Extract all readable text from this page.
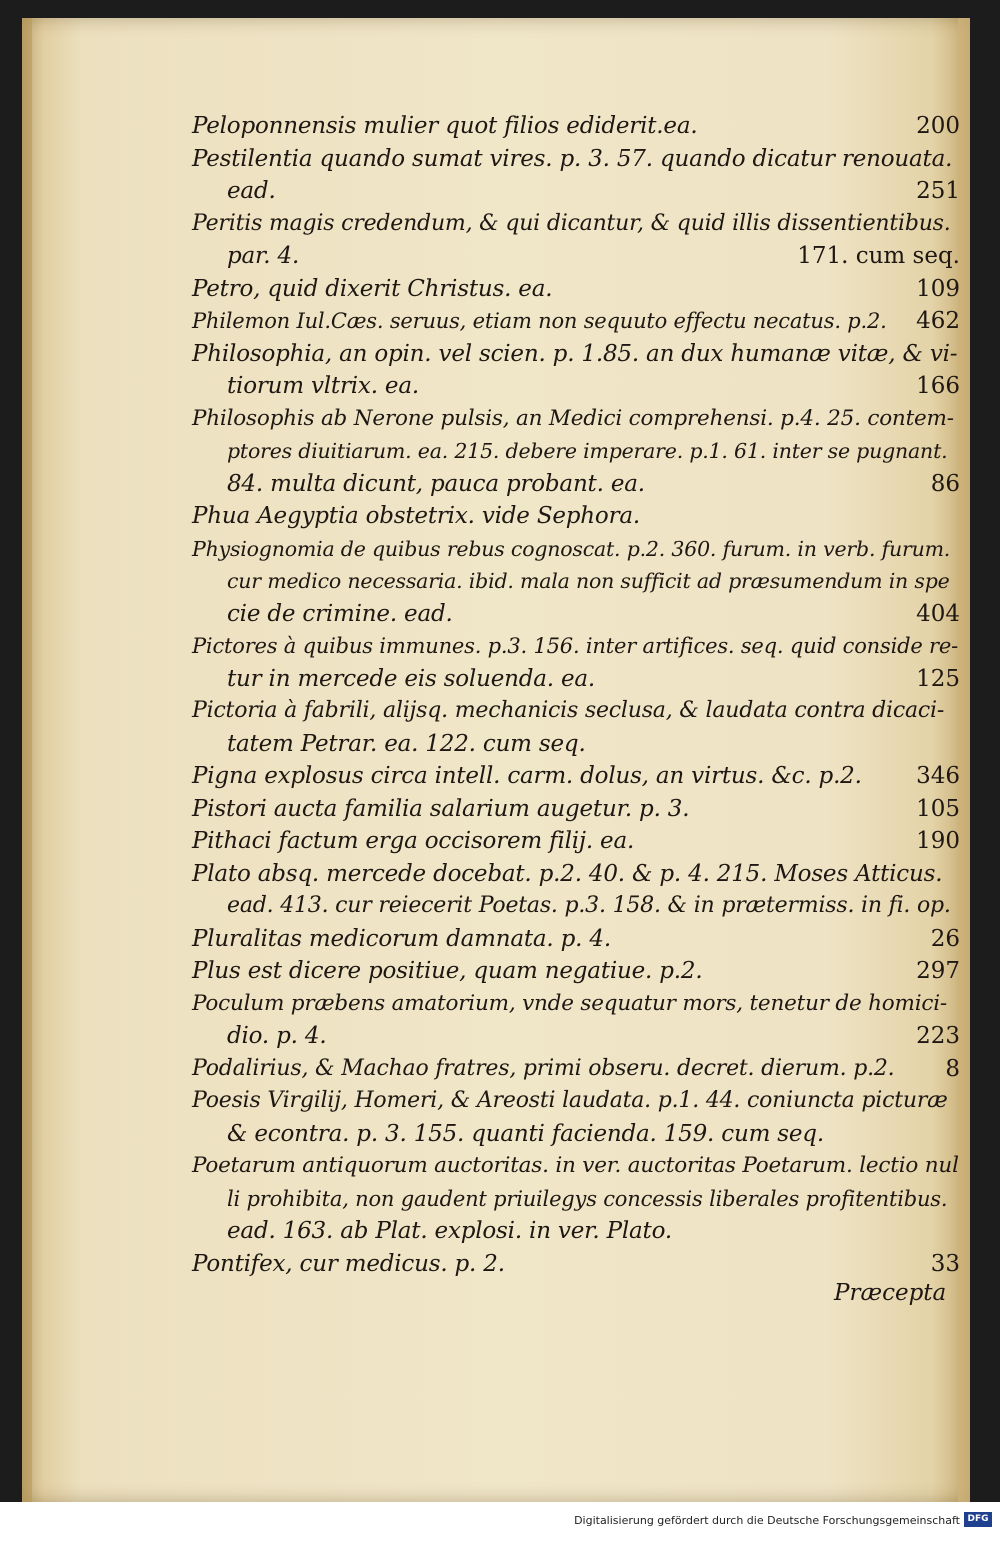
Peloponnensis mulier quot filios ediderit.ea.	200
Pestilentia quando sumat vires. p. 3. 57. quando dicatur renouata.
ead.	251
Peritis magis credendum, & qui dicantur, & quid illis dissentientibus.
par. 4.	171. cum seq.
Petro, quid dixerit Christus. ea.	109
Philemon Iul.Cæs. seruus, etiam non sequuto effectu necatus. p.2.	462
Philosophia, an opin. vel scien. p. 1.85. an dux humanæ vitæ, & vi-
tiorum vltrix. ea.	166
Philosophis ab Nerone pulsis, an Medici comprehensi. p.4. 25. contem-
ptores diuitiarum. ea. 215. debere imperare. p.1. 61. inter se pugnant.
84. multa dicunt, pauca probant. ea.	86
Phua Aegyptia obstetrix. vide Sephora.
Physiognomia de quibus rebus cognoscat. p.2. 360. furum. in verb. furum.
cur medico necessaria. ibid. mala non sufficit ad præsumendum in spe
cie de crimine. ead.	404
Pictores à quibus immunes. p.3. 156. inter artifices. seq. quid conside re-
tur in mercede eis soluenda. ea.	125
Pictoria à fabrili, alijsq. mechanicis seclusa, & laudata contra dicaci-
tatem Petrar. ea. 122. cum seq.
Pigna explosus circa intell. carm. dolus, an virtus. &c. p.2.	346
Pistori aucta familia salarium augetur. p. 3.	105
Pithaci factum erga occisorem filij. ea.	190
Plato absq. mercede docebat. p.2. 40. & p. 4. 215. Moses Atticus.
ead. 413. cur reiecerit Poetas. p.3. 158. & in prætermiss. in fi. op.
Pluralitas medicorum damnata. p. 4.	26
Plus est dicere positiue, quam negatiue. p.2.	297
Poculum præbens amatorium, vnde sequatur mors, tenetur de homici-
dio. p. 4.	223
Podalirius, & Machao fratres, primi obseru. decret. dierum. p.2.	8
Poesis Virgilij, Homeri, & Areosti laudata. p.1. 44. coniuncta picturæ
& econtra. p. 3. 155. quanti facienda. 159. cum seq.
Poetarum antiquorum auctoritas. in ver. auctoritas Poetarum. lectio nul
li prohibita, non gaudent priuilegys concessis liberales profitentibus.
ead. 163. ab Plat. explosi. in ver. Plato.
Pontifex, cur medicus. p. 2.	33
Præcepta
Digitalisierung gefördert durch die Deutsche Forschungsgemeinschaft DFG
